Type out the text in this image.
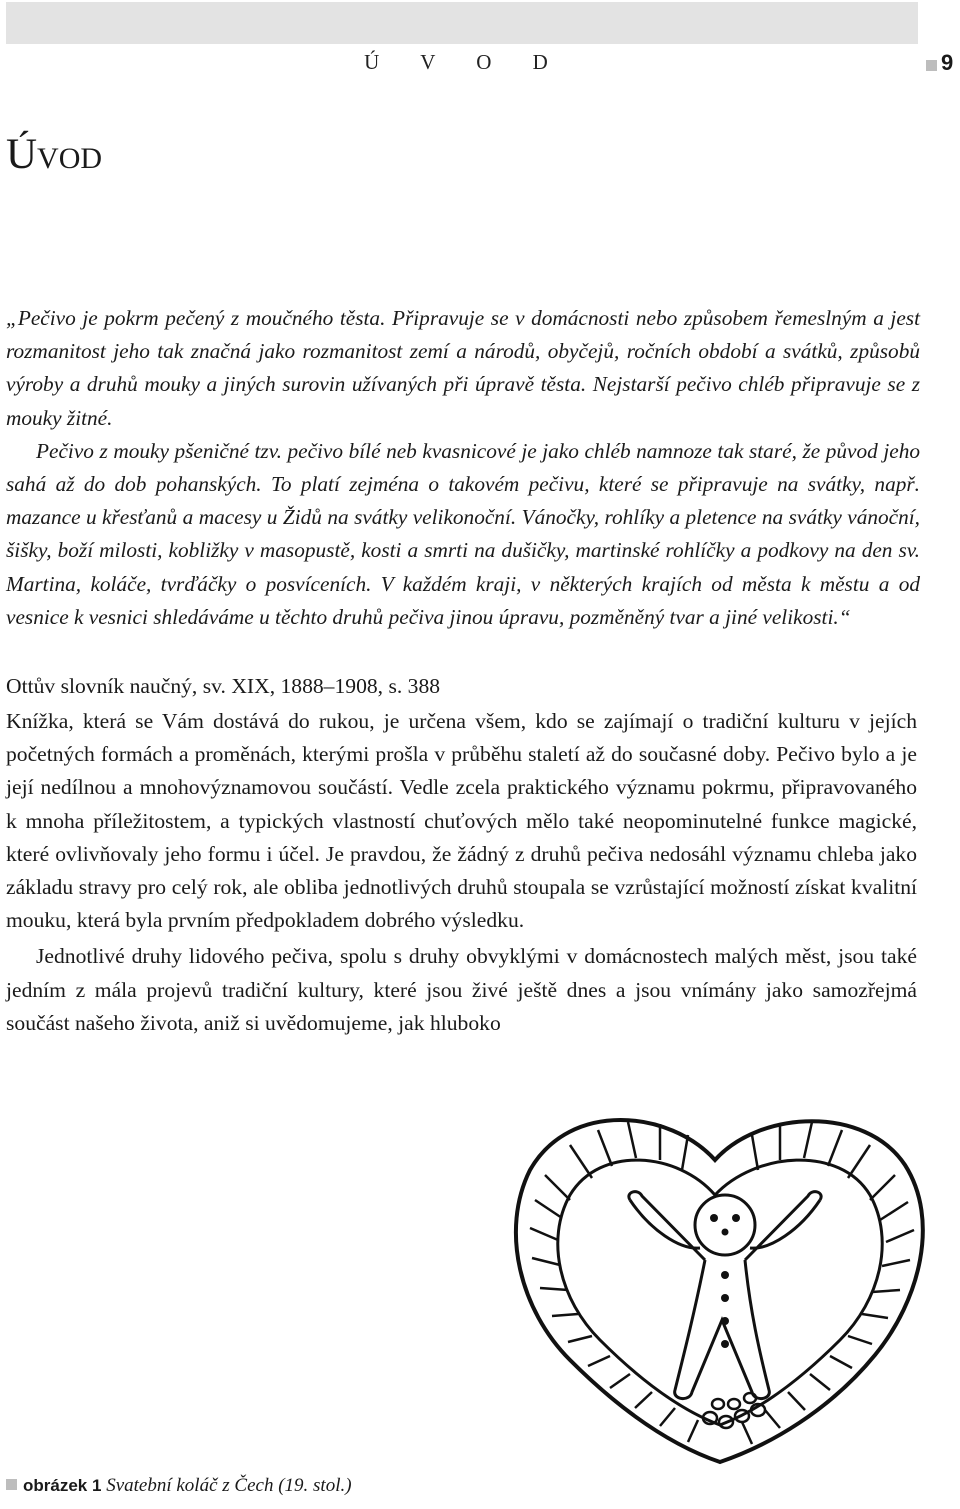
Ú V O D	9
Úvod

„Pečivo je pokrm pečený z moučného těsta. Připravuje se v domácnosti nebo způsobem řemeslným a jest rozmanitost jeho tak značná jako rozmanitost zemí a národů, obyčejů, ročních období a svátků, způsobů výroby a druhů mouky a jiných surovin užívaných při úpravě těsta. Nejstarší pečivo chléb připravuje se z mouky žitné.

Pečivo z mouky pšeničné tzv. pečivo bílé neb kvasnicové je jako chléb namnoze tak staré, že původ jeho sahá až do dob pohanských. To platí zejména o takovém pečivu, které se připravuje na svátky, např. mazance u křesťanů a macesy u Židů na svátky velikonoční. Vánočky, rohlíky a pletence na svátky vánoční, šišky, boží milosti, kobližky v masopustě, kosti a smrti na dušičky, martinské rohlíčky a podkovy na den sv. Martina, koláče, tvrďáčky o posvíceních. V každém kraji, v některých krajích od města k městu a od vesnice k vesnici shledáváme u těchto druhů pečiva jinou úpravu, pozměněný tvar a jiné velikosti.“

Ottův slovník naučný, sv. XIX, 1888–1908, s. 388

Knížka, která se Vám dostává do rukou, je určena všem, kdo se zajímají o tradiční kulturu v jejích početných formách a proměnách, kterými prošla v průběhu staletí až do současné doby. Pečivo bylo a je její nedílnou a mnohovýznamovou součástí. Vedle zcela praktického významu pokrmu, připravovaného k mnoha příležitostem, a typických vlastností chuťových mělo také neopominutelné funkce magické, které ovlivňovaly jeho formu i účel. Je pravdou, že žádný z druhů pečiva nedosáhl významu chleba jako základu stravy pro celý rok, ale obliba jednotlivých druhů stoupala se vzrůstající možností získat kvalitní mouku, která byla prvním předpokladem dobrého výsledku.

Jednotlivé druhy lidového pečiva, spolu s druhy obvyklými v domácnostech malých měst, jsou také jedním z mála projevů tradiční kultury, které jsou živé ještě dnes a jsou vnímány jako samozřejmá součást našeho života, aniž si uvědomujeme, jak hluboko

obrázek 1 Svatební koláč z Čech (19. stol.)
